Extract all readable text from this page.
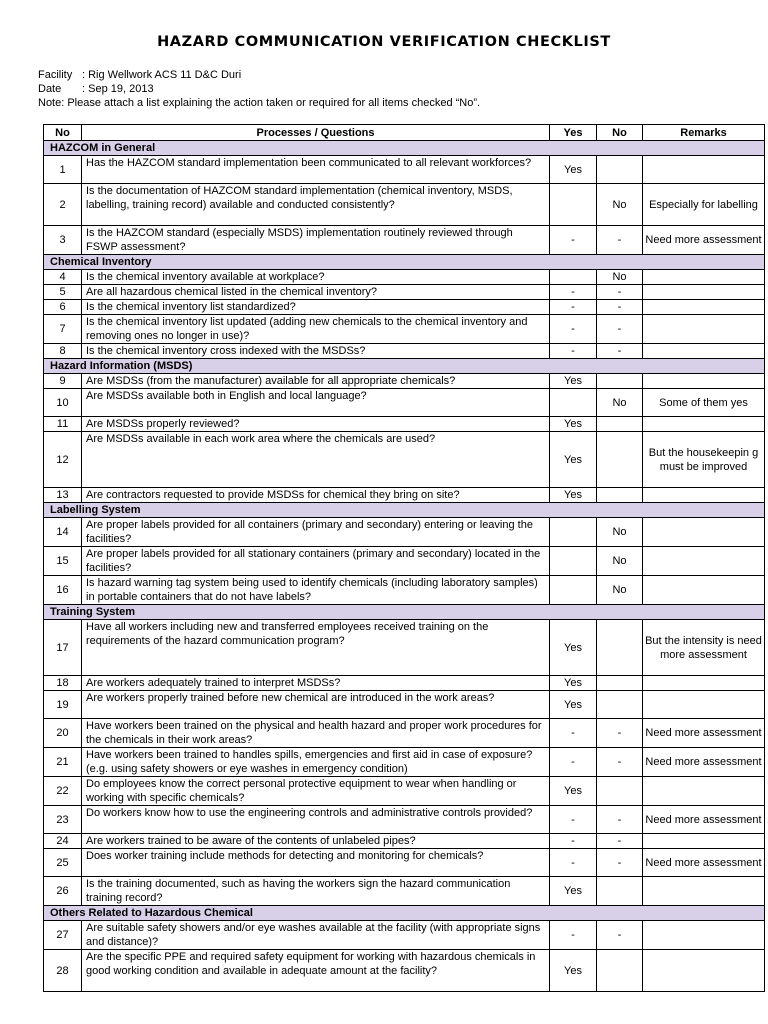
HAZARD COMMUNICATION VERIFICATION CHECKLIST
Facility : Rig Wellwork ACS 11 D&C Duri
Date : Sep 19, 2013
Note: Please attach a list explaining the action taken or required for all items checked “No”.
No	Processes / Questions	Yes	No	Remarks
HAZCOM in General				
1	Has the HAZCOM standard implementation been communicated to all relevant workforces?	Yes		
2	Is the documentation of HAZCOM standard implementation (chemical inventory, MSDS, labelling, training record) available and conducted consistently?		No	Especially for labelling
3	Is the HAZCOM standard (especially MSDS) implementation routinely reviewed through FSWP assessment?	-	-	Need more assessment
Chemical Inventory				
4	Is the chemical inventory available at workplace?		No	
5	Are all hazardous chemical listed in the chemical inventory?	-	-	
6	Is the chemical inventory list standardized?	-	-	
7	Is the chemical inventory list updated (adding new chemicals to the chemical inventory and removing ones no longer in use)?	-	-	
8	Is the chemical inventory cross indexed with the MSDSs?	-	-	
Hazard Information (MSDS)				
9	Are MSDSs (from the manufacturer) available for all appropriate chemicals?	Yes		
10	Are MSDSs available both in English and local language?		No	Some of them yes
11	Are MSDSs properly reviewed?	Yes		
12	Are MSDSs available in each work area where the chemicals are used?	Yes		But the housekeepin g must be improved
13	Are contractors requested to provide MSDSs for chemical they bring on site?	Yes		
Labelling System				
14	Are proper labels provided for all containers (primary and secondary) entering or leaving the facilities?		No	
15	Are proper labels provided for all stationary containers (primary and secondary) located in the facilities?		No	
16	Is hazard warning tag system being used to identify chemicals (including laboratory samples) in portable containers that do not have labels?		No	
Training System				
17	Have all workers including new and transferred employees received training on the requirements of the hazard communication program?	Yes		But the intensity is need more assessment
18	Are workers adequately trained to interpret MSDSs?	Yes		
19	Are workers properly trained before new chemical are introduced in the work areas?	Yes		
20	Have workers been trained on the physical and health hazard and proper work procedures for the chemicals in their work areas?	-	-	Need more assessment
21	Have workers been trained to handles spills, emergencies and first aid in case of exposure? (e.g. using safety showers or eye washes in emergency condition)	-	-	Need more assessment
22	Do employees know the correct personal protective equipment to wear when handling or working with specific chemicals?	Yes		
23	Do workers know how to use the engineering controls and administrative controls provided?	-	-	Need more assessment
24	Are workers trained to be aware of the contents of unlabeled pipes?	-	-	
25	Does worker training include methods for detecting and monitoring for chemicals?	-	-	Need more assessment
26	Is the training documented, such as having the workers sign the hazard communication training record?	Yes		
Others Related to Hazardous Chemical				
27	Are suitable safety showers and/or eye washes available at the facility (with appropriate signs and distance)?	-	-	
28	Are the specific PPE and required safety equipment for working with hazardous chemicals in good working condition and available in adequate amount at the facility?	Yes		
